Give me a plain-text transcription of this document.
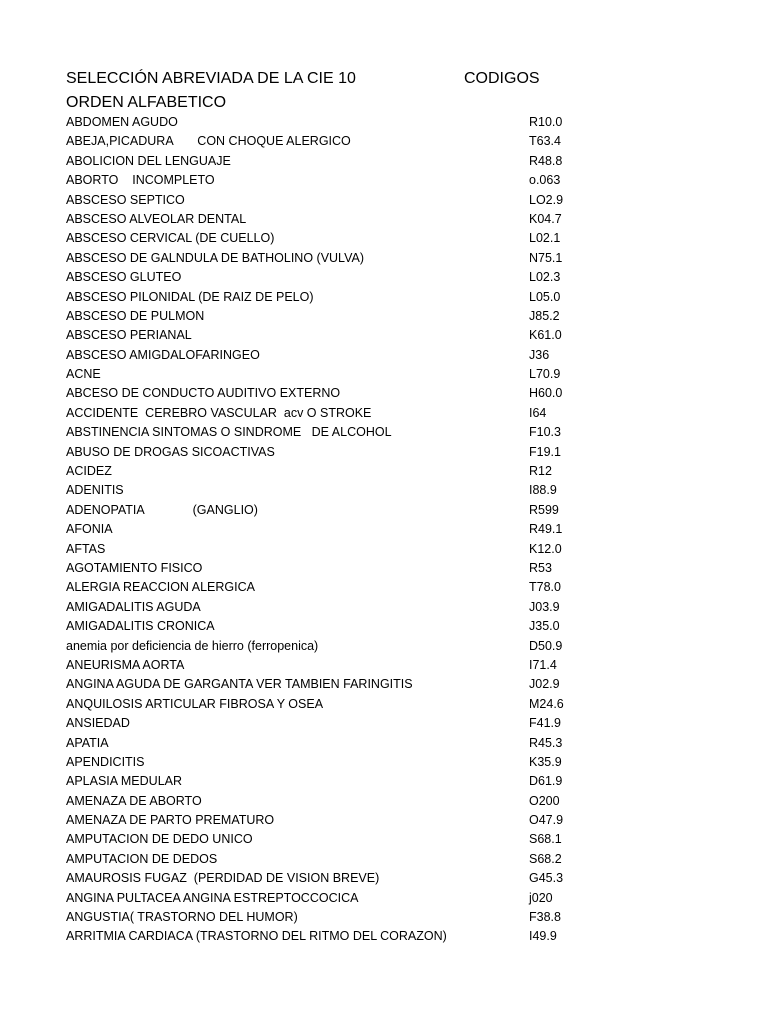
SELECCIÓN ABREVIADA DE LA CIE 10	CODIGOS
ORDEN ALFABETICO
ABDOMEN AGUDO	R10.0
ABEJA,PICADURA       CON CHOQUE ALERGICO	T63.4
ABOLICION DEL LENGUAJE	R48.8
ABORTO    INCOMPLETO	o.063
ABSCESO SEPTICO	LO2.9
ABSCESO ALVEOLAR DENTAL	K04.7
ABSCESO CERVICAL (DE CUELLO)	L02.1
ABSCESO DE GALNDULA DE BATHOLINO (VULVA)	N75.1
ABSCESO GLUTEO	L02.3
ABSCESO PILONIDAL (DE RAIZ DE PELO)	L05.0
ABSCESO DE PULMON	J85.2
ABSCESO PERIANAL	K61.0
ABSCESO AMIGDALOFARINGEO	J36
ACNE	L70.9
ABCESO DE CONDUCTO AUDITIVO EXTERNO	H60.0
ACCIDENTE  CEREBRO VASCULAR  acv O STROKE	I64
ABSTINENCIA SINTOMAS O SINDROME   DE ALCOHOL	F10.3
ABUSO DE DROGAS SICOACTIVAS	F19.1
ACIDEZ	R12
ADENITIS	I88.9
ADENOPATIA              (GANGLIO)	R599
AFONIA	R49.1
AFTAS	K12.0
AGOTAMIENTO FISICO	R53
ALERGIA REACCION ALERGICA	T78.0
AMIGADALITIS AGUDA	J03.9
AMIGADALITIS CRONICA	J35.0
anemia por deficiencia de hierro (ferropenica)	D50.9
ANEURISMA AORTA	I71.4
ANGINA AGUDA DE GARGANTA VER TAMBIEN FARINGITIS	J02.9
ANQUILOSIS ARTICULAR FIBROSA Y OSEA	M24.6
ANSIEDAD	F41.9
APATIA	R45.3
APENDICITIS	K35.9
APLASIA MEDULAR	D61.9
AMENAZA DE ABORTO	O200
AMENAZA DE PARTO PREMATURO	O47.9
AMPUTACION DE DEDO UNICO	S68.1
AMPUTACION DE DEDOS	S68.2
AMAUROSIS FUGAZ  (PERDIDAD DE VISION BREVE)	G45.3
ANGINA PULTACEA ANGINA ESTREPTOCCOCICA	j020
ANGUSTIA( TRASTORNO DEL HUMOR)	F38.8
ARRITMIA CARDIACA (TRASTORNO DEL RITMO DEL CORAZON)	I49.9
